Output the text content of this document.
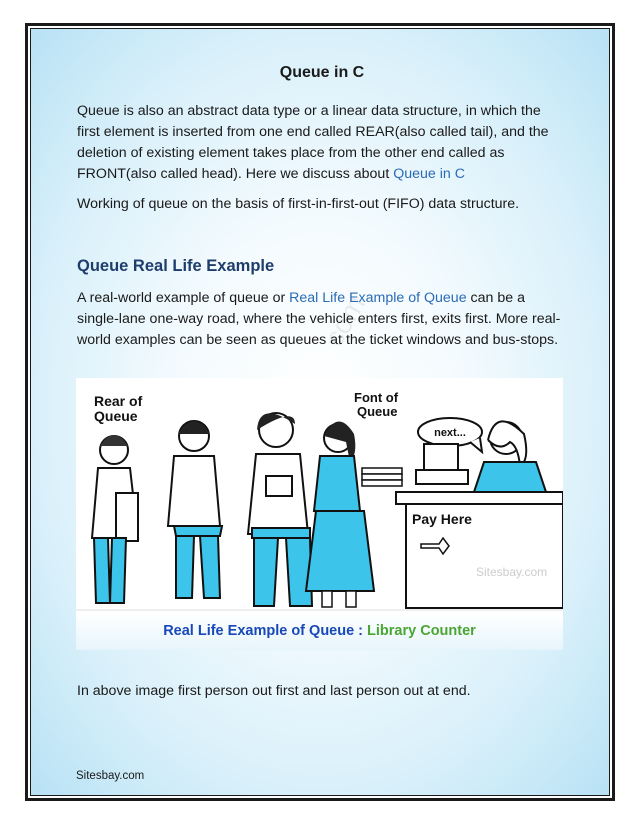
com
Queue in C
Queue is also an abstract data type or a linear data structure, in which the first element is inserted from one end called REAR(also called tail), and the deletion of existing element takes place from the other end called as FRONT(also called head). Here we discuss about Queue in C
Working of queue on the basis of first-in-first-out (FIFO) data structure.
Queue Real Life Example
A real-world example of queue or Real Life Example of Queue can be a single-lane one-way road, where the vehicle enters first, exits first. More real-world examples can be seen as queues at the ticket windows and bus-stops.
In above image first person out first and last person out at end.
Rear of
Queue
Font of
Queue
next...
Pay Here
Sitesbay.com
Real Life Example of Queue : Library Counter
Sitesbay.com
